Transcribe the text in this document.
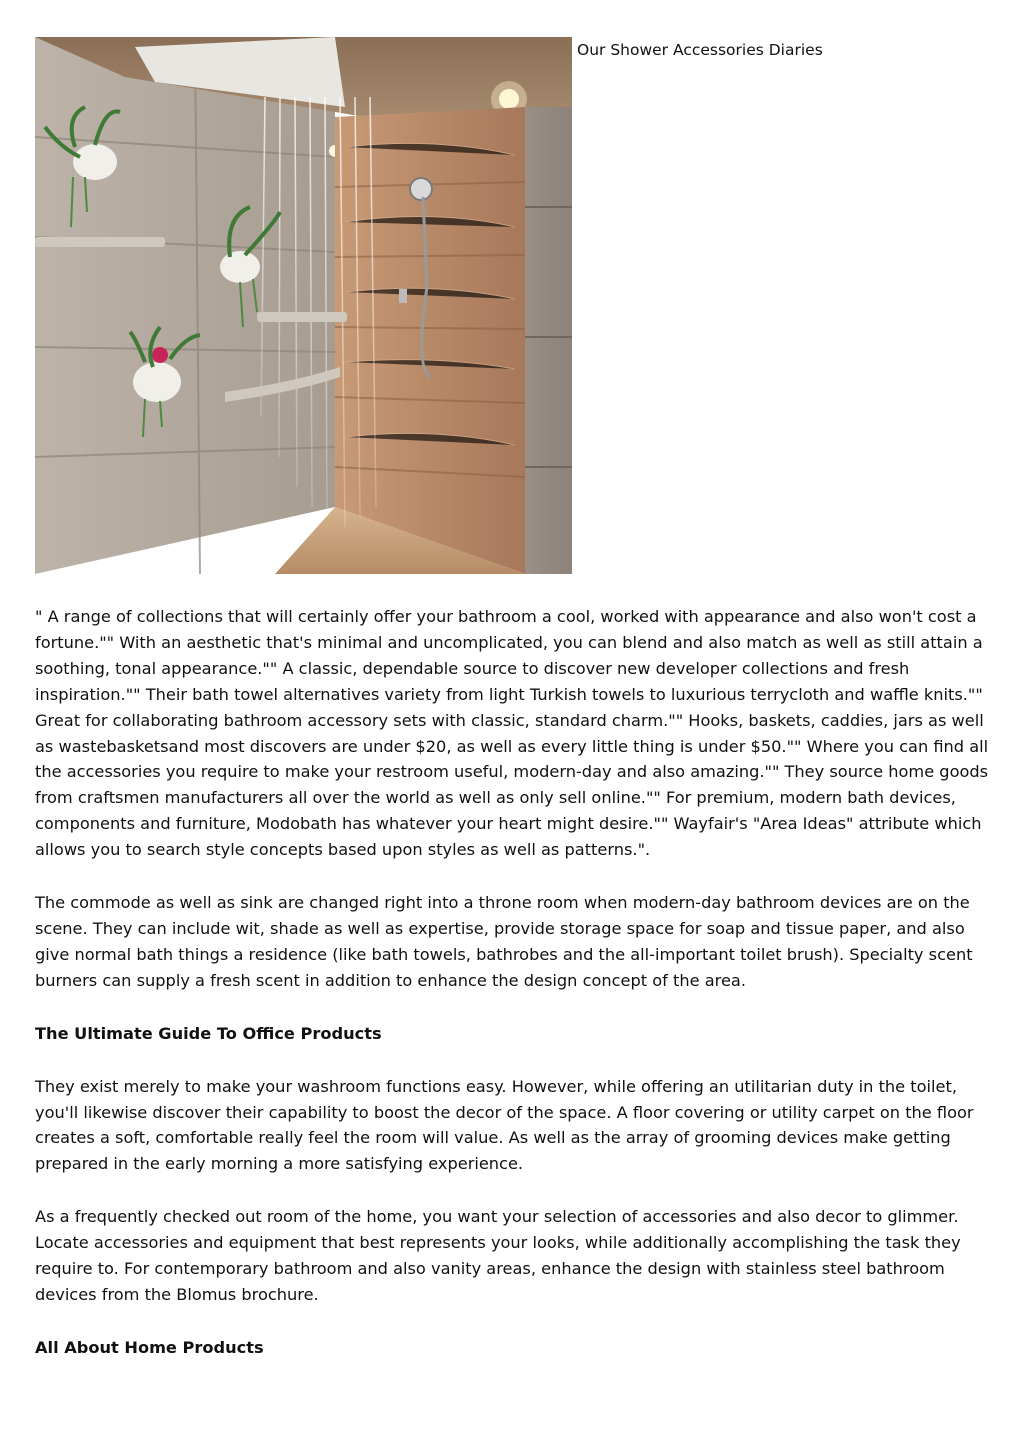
Our Shower Accessories Diaries

" A range of collections that will certainly offer your bathroom a cool, worked with appearance and also won't cost a fortune."" With an aesthetic that's minimal and uncomplicated, you can blend and also match as well as still attain a soothing, tonal appearance."" A classic, dependable source to discover new developer collections and fresh inspiration."" Their bath towel alternatives variety from light Turkish towels to luxurious terrycloth and waffle knits."" Great for collaborating bathroom accessory sets with classic, standard charm."" Hooks, baskets, caddies, jars as well as wastebasketsand most discovers are under $20, as well as every little thing is under $50."" Where you can find all the accessories you require to make your restroom useful, modern-day and also amazing."" They source home goods from craftsmen manufacturers all over the world as well as only sell online."" For premium, modern bath devices, components and furniture, Modobath has whatever your heart might desire."" Wayfair's "Area Ideas" attribute which allows you to search style concepts based upon styles as well as patterns.".

The commode as well as sink are changed right into a throne room when modern-day bathroom devices are on the scene. They can include wit, shade as well as expertise, provide storage space for soap and tissue paper, and also give normal bath things a residence (like bath towels, bathrobes and the all-important toilet brush). Specialty scent burners can supply a fresh scent in addition to enhance the design concept of the area.

The Ultimate Guide To Office Products

They exist merely to make your washroom functions easy. However, while offering an utilitarian duty in the toilet, you'll likewise discover their capability to boost the decor of the space. A floor covering or utility carpet on the floor creates a soft, comfortable really feel the room will value. As well as the array of grooming devices make getting prepared in the early morning a more satisfying experience.

As a frequently checked out room of the home, you want your selection of accessories and also decor to glimmer. Locate accessories and equipment that best represents your looks, while additionally accomplishing the task they require to. For contemporary bathroom and also vanity areas, enhance the design with stainless steel bathroom devices from the Blomus brochure.

All About Home Products
